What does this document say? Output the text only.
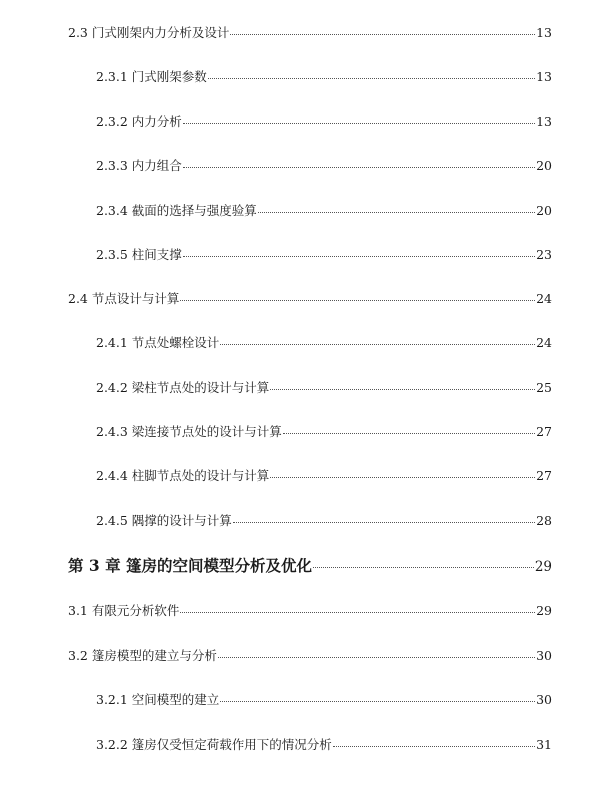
2.3 门式刚架内力分析及设计	13
2.3.1 门式刚架参数	13
2.3.2 内力分析	13
2.3.3 内力组合	20
2.3.4 截面的选择与强度验算	20
2.3.5 柱间支撑	23
2.4 节点设计与计算	24
2.4.1 节点处螺栓设计	24
2.4.2 梁柱节点处的设计与计算	25
2.4.3 梁连接节点处的设计与计算	27
2.4.4 柱脚节点处的设计与计算	27
2.4.5 隅撑的设计与计算	28
第 3 章 篷房的空间模型分析及优化	29
3.1 有限元分析软件	29
3.2 篷房模型的建立与分析	30
3.2.1 空间模型的建立	30
3.2.2 篷房仅受恒定荷载作用下的情况分析	31
